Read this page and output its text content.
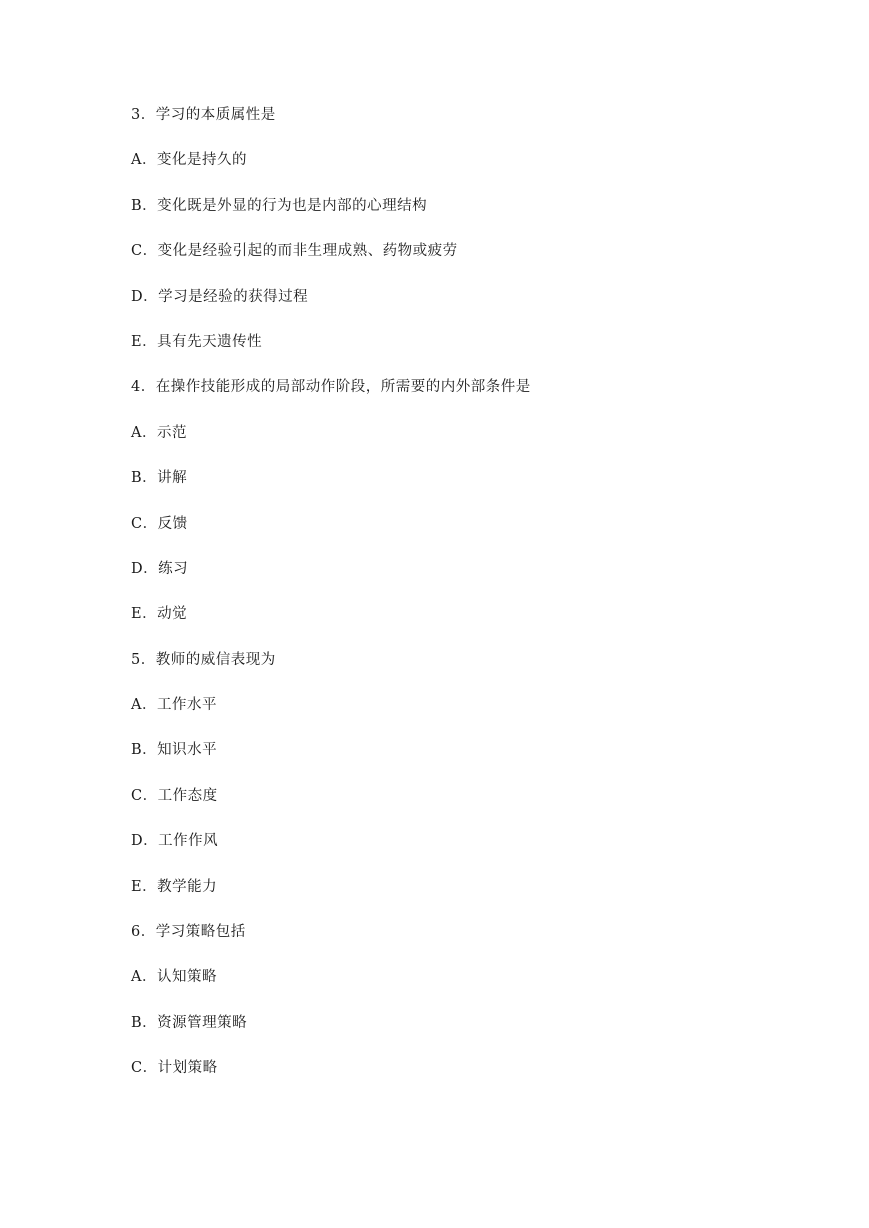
3．学习的本质属性是
A．变化是持久的
B．变化既是外显的行为也是内部的心理结构
C．变化是经验引起的而非生理成熟、药物或疲劳
D．学习是经验的获得过程
E．具有先天遗传性
4．在操作技能形成的局部动作阶段，所需要的内外部条件是
A．示范
B．讲解
C．反馈
D．练习
E．动觉
5．教师的威信表现为
A．工作水平
B．知识水平
C．工作态度
D．工作作风
E．教学能力
6．学习策略包括
A．认知策略
B．资源管理策略
C．计划策略
